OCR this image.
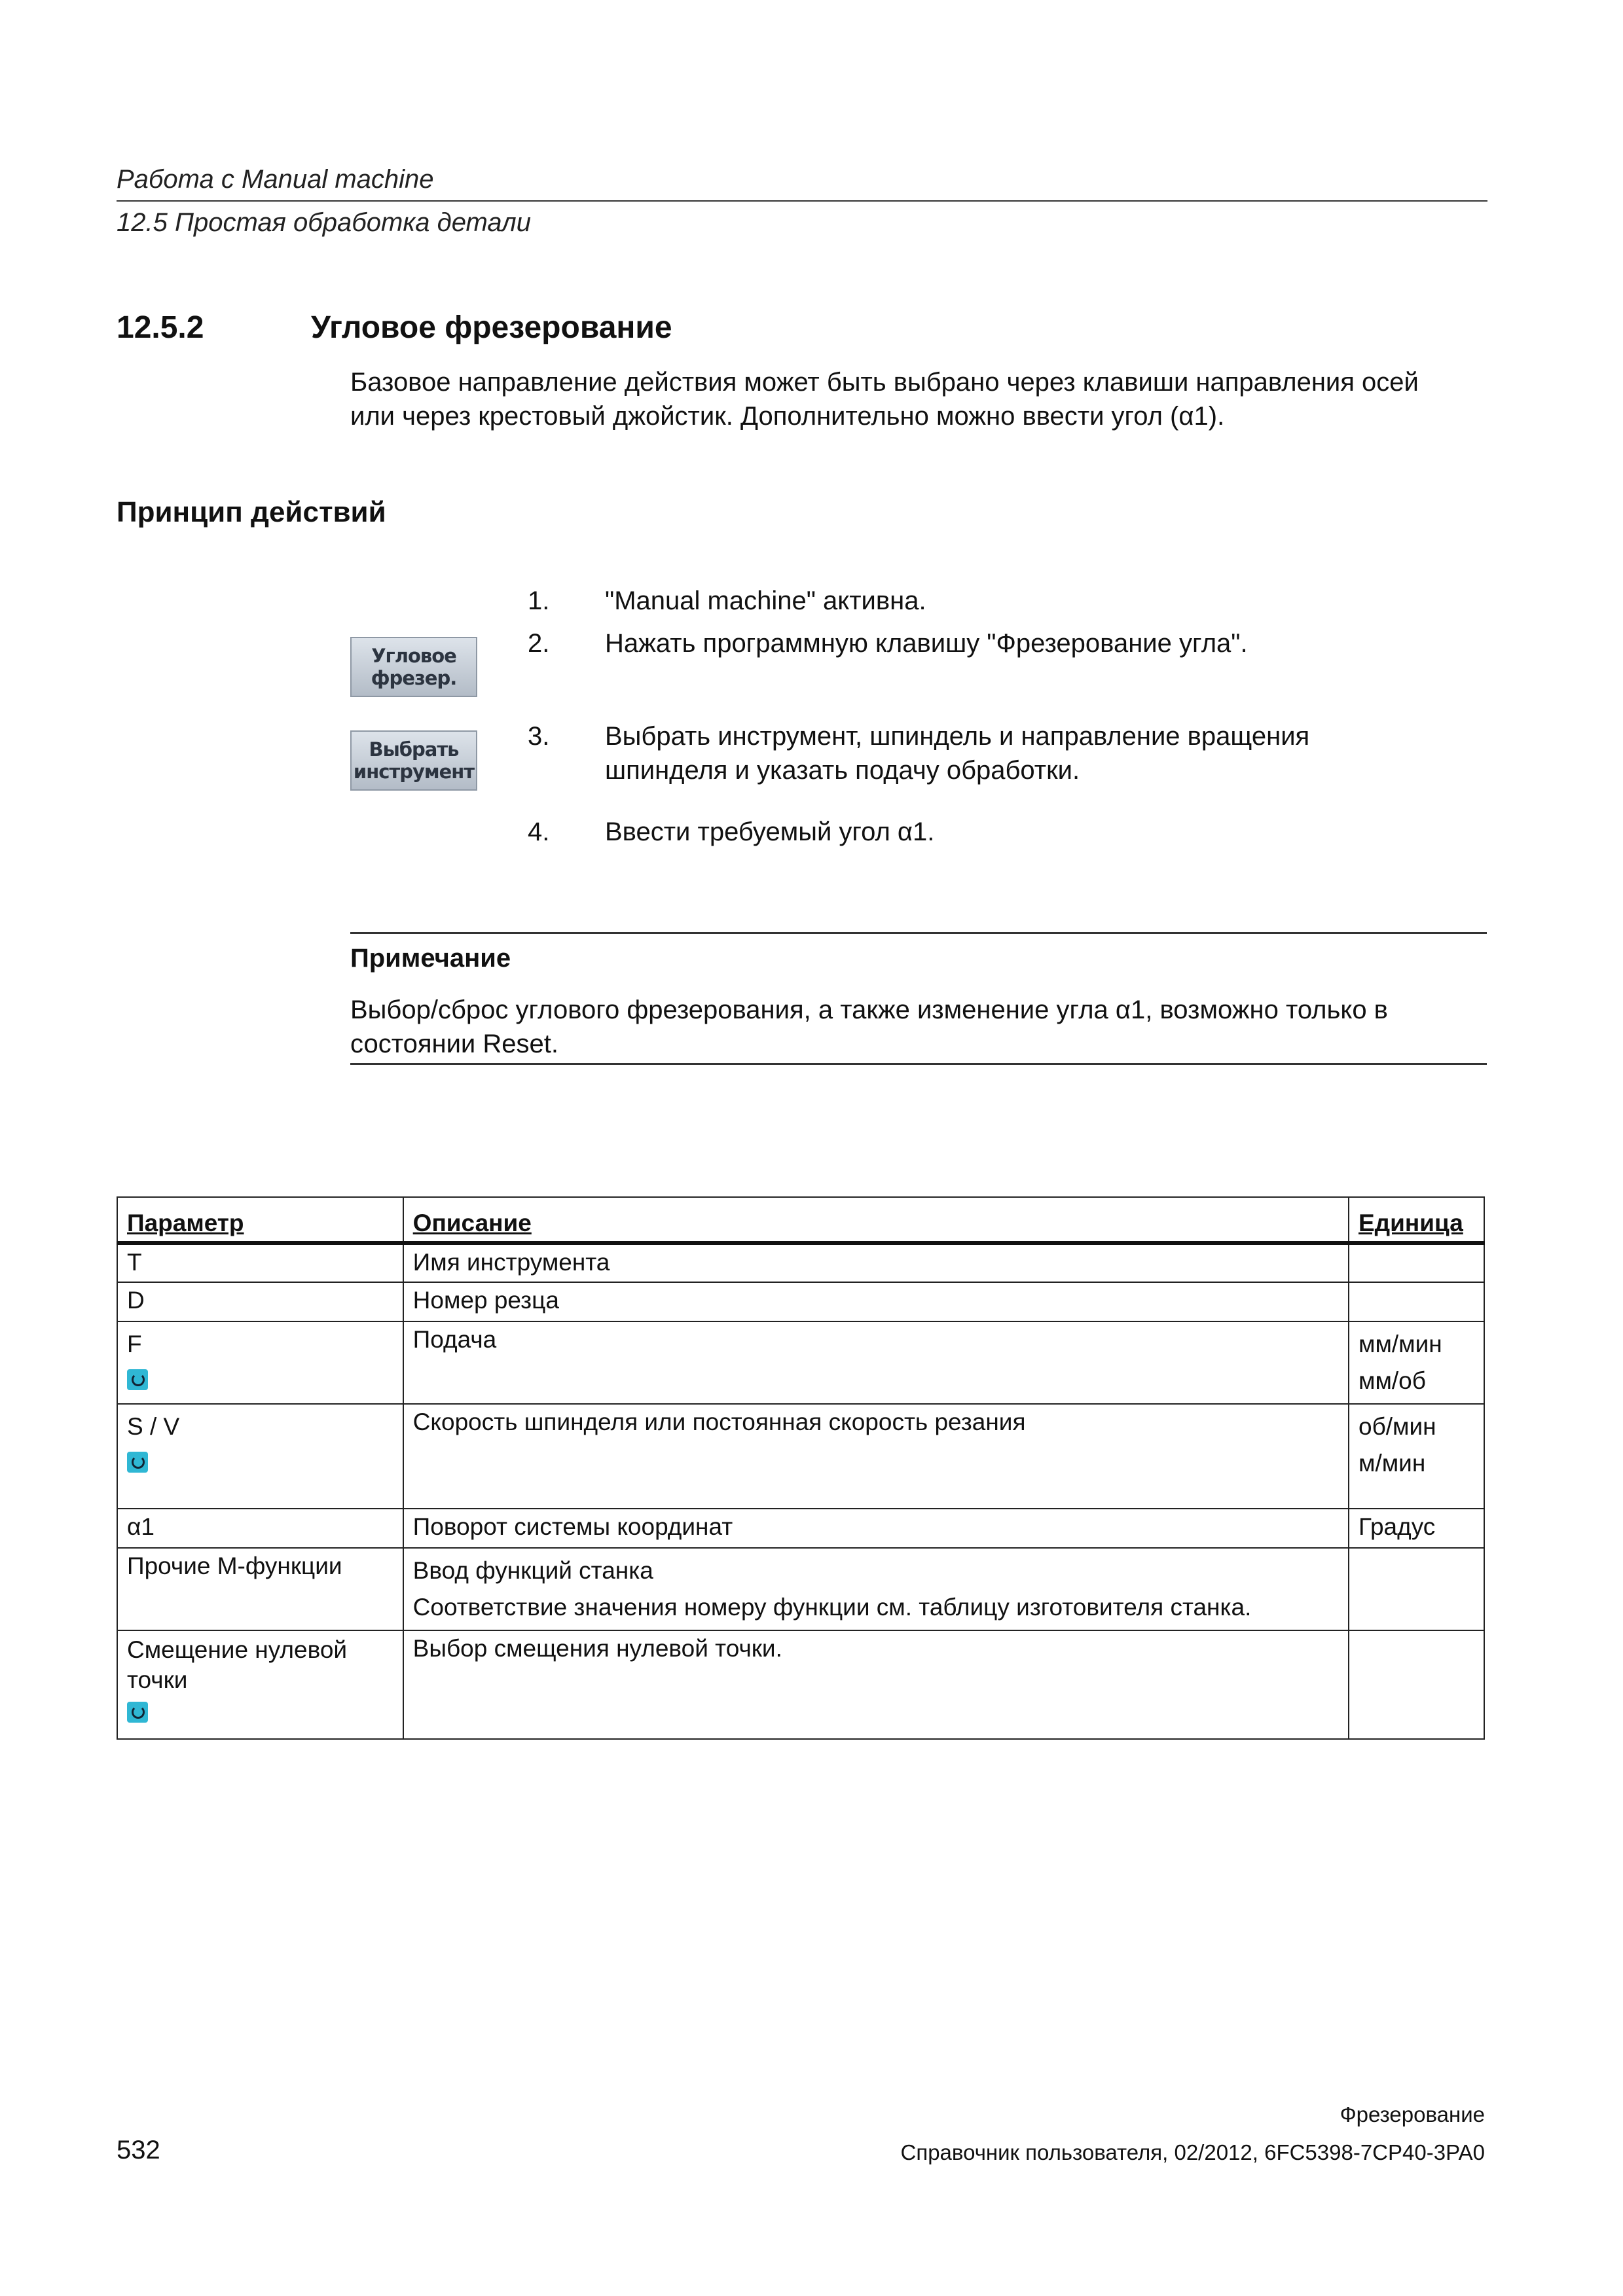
Работа с Manual machine
12.5 Простая обработка детали
12.5.2	Угловое фрезерование
Базовое направление действия может быть выбрано через клавиши направления осей
или через крестовый джойстик. Дополнительно можно ввести угол (α1).
Принцип действий
Угловое
фрезер.
Выбрать
инструмент
1. "Manual machine" активна.
2. Нажать программную клавишу "Фрезерование угла".
3. Выбрать инструмент, шпиндель и направление вращения
шпинделя и указать подачу обработки.
4. Ввести требуемый угол α1.
Примечание
Выбор/сброс углового фрезерования, а также изменение угла α1, возможно только в
состоянии Reset.
Параметр	Описание	Единица
T	Имя инструмента	
D	Номер резца	

F	Подача	мм/мин
мм/об

S / V	Скорость шпинделя или постоянная скорость резания	об/мин
м/мин

α1	Поворот системы координат	Градус
Прочие M-функции	Ввод функций станка
Соответствие значения номеру функции см. таблицу изготовителя станка.	

Смещение нулевой
точки	Выбор смещения нулевой точки.	
Фрезерование
532	Справочник пользователя, 02/2012, 6FC5398-7CP40-3PA0
